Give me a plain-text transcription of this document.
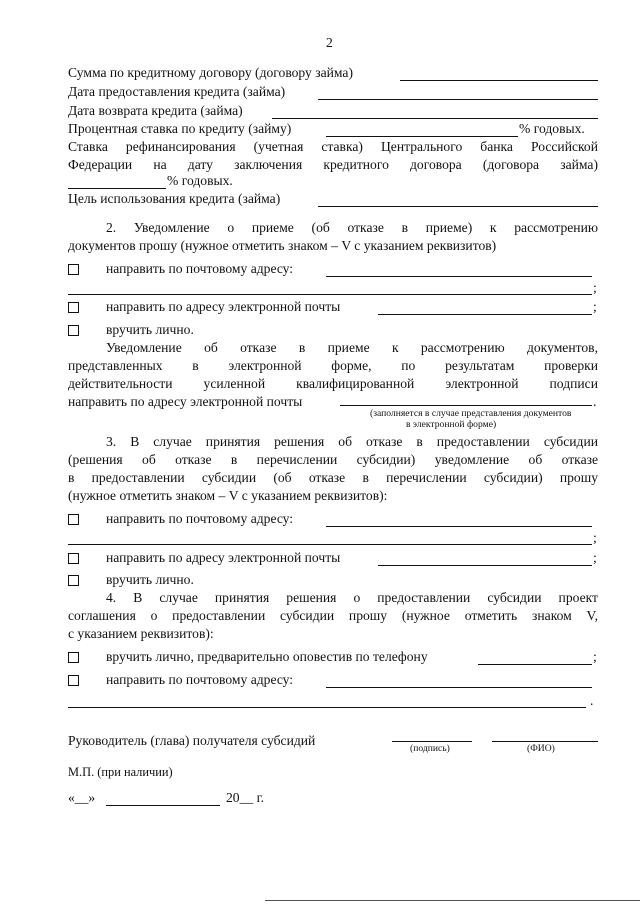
2
Сумма по кредитному договору (договору займа)
Дата предоставления кредита (займа)
Дата возврата кредита (займа)
Процентная ставка по кредиту (займу)	% годовых.
Ставка рефинансирования (учетная ставка) Центрального банка Российской
Федерации на дату заключения кредитного договора (договора займа)
% годовых.
Цель использования кредита (займа)
2. Уведомление о приеме (об отказе в приеме) к рассмотрению
документов прошу (нужное отметить знаком – V с указанием реквизитов)
направить по почтовому адресу:
;
направить по адресу электронной почты	;
вручить лично.
Уведомление об отказе в приеме к рассмотрению документов,
представленных в электронной форме, по результатам проверки
действительности усиленной квалифицированной электронной подписи
направить по адресу электронной почты	.
(заполняется в случае представления документов
в электронной форме)
3. В случае принятия решения об отказе в предоставлении субсидии
(решения об отказе в перечислении субсидии) уведомление об отказе
в предоставлении субсидии (об отказе в перечислении субсидии) прошу
(нужное отметить знаком – V с указанием реквизитов):
направить по почтовому адресу:
;
направить по адресу электронной почты	;
вручить лично.
4. В случае принятия решения о предоставлении субсидии проект
соглашения о предоставлении субсидии прошу (нужное отметить знаком V,
с указанием реквизитов):
вручить лично, предварительно оповестив по телефону	;
направить по почтовому адресу:
.
Руководитель (глава) получателя субсидий
(подпись)	(ФИО)
М.П. (при наличии)
«__»	20__ г.
